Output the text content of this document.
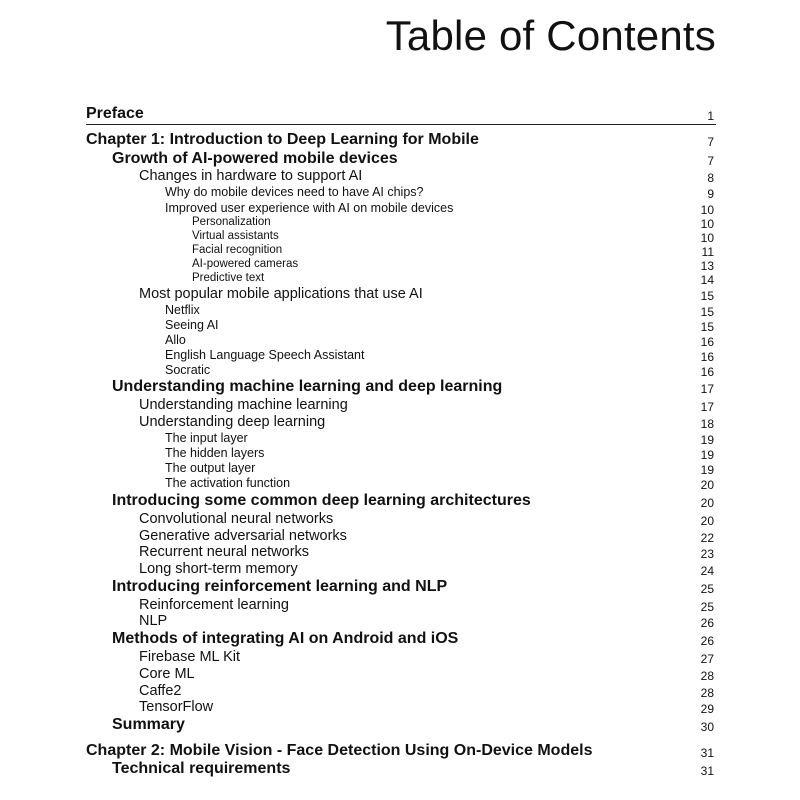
Table of Contents
Preface	1
Chapter 1: Introduction to Deep Learning for Mobile	7
Growth of AI-powered mobile devices	7
Changes in hardware to support AI	8
Why do mobile devices need to have AI chips?	9
Improved user experience with AI on mobile devices	10
Personalization	10
Virtual assistants	10
Facial recognition	11
AI-powered cameras	13
Predictive text	14
Most popular mobile applications that use AI	15
Netflix	15
Seeing AI	15
Allo	16
English Language Speech Assistant	16
Socratic	16
Understanding machine learning and deep learning	17
Understanding machine learning	17
Understanding deep learning	18
The input layer	19
The hidden layers	19
The output layer	19
The activation function	20
Introducing some common deep learning architectures	20
Convolutional neural networks	20
Generative adversarial networks	22
Recurrent neural networks	23
Long short-term memory	24
Introducing reinforcement learning and NLP	25
Reinforcement learning	25
NLP	26
Methods of integrating AI on Android and iOS	26
Firebase ML Kit	27
Core ML	28
Caffe2	28
TensorFlow	29
Summary	30
Chapter 2: Mobile Vision - Face Detection Using On-Device Models	31
Technical requirements	31
